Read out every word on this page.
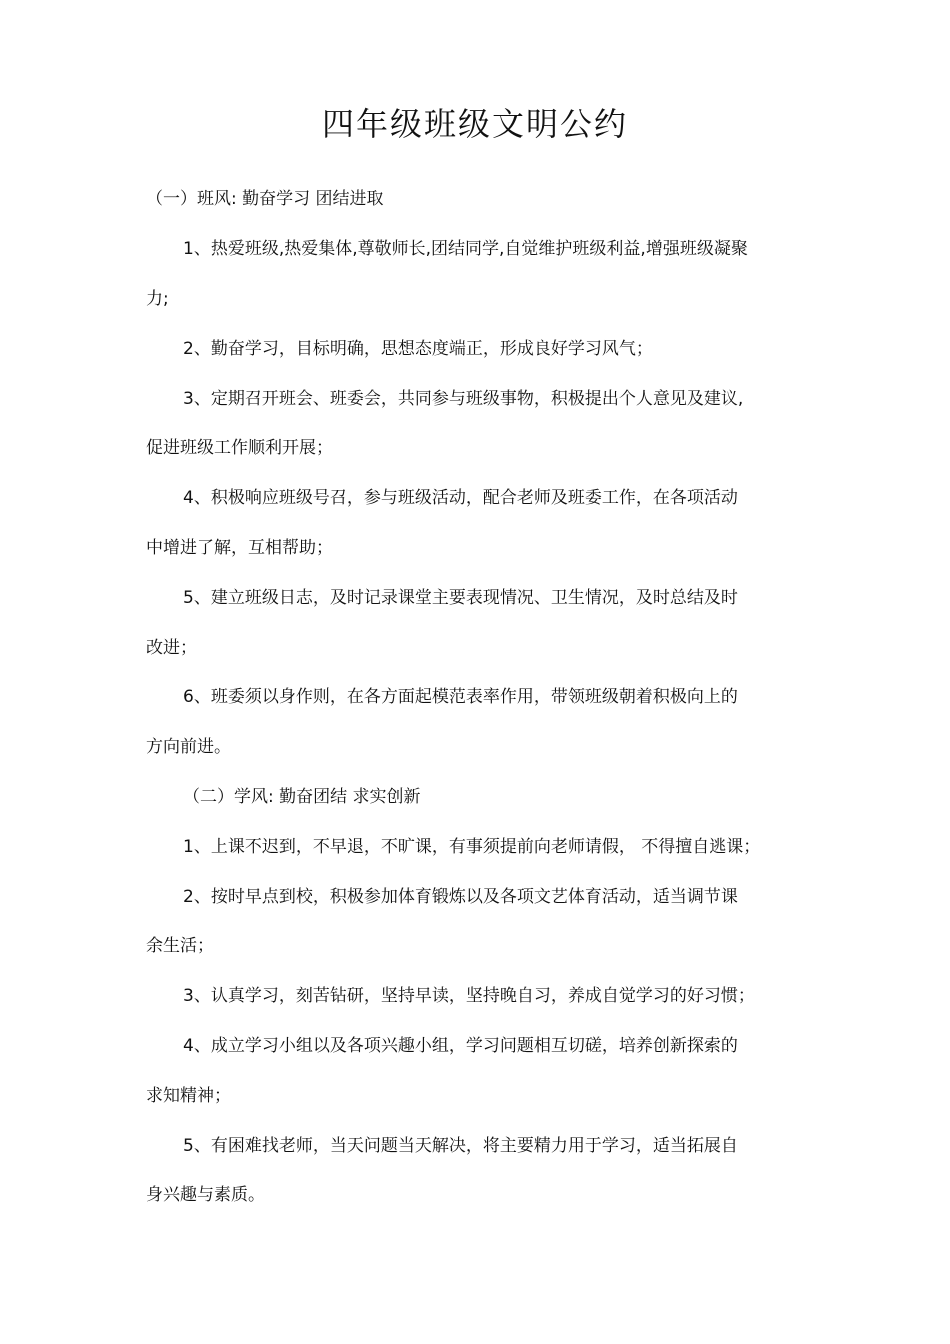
四年级班级文明公约
（一）班风: 勤奋学习 团结进取
1、热爱班级,热爱集体,尊敬师长,团结同学,自觉维护班级利益,增强班级凝聚
力;
2、勤奋学习，目标明确，思想态度端正，形成良好学习风气；
3、定期召开班会、班委会，共同参与班级事物，积极提出个人意见及建议,
促进班级工作顺利开展；
4、积极响应班级号召，参与班级活动，配合老师及班委工作，在各项活动
中增进了解，互相帮助；
5、建立班级日志，及时记录课堂主要表现情况、卫生情况，及时总结及时
改进；
6、班委须以身作则，在各方面起模范表率作用，带领班级朝着积极向上的
方向前进。
（二）学风: 勤奋团结 求实创新
1、上课不迟到，不早退，不旷课，有事须提前向老师请假， 不得擅自逃课；
2、按时早点到校，积极参加体育锻炼以及各项文艺体育活动，适当调节课
余生活；
3、认真学习，刻苦钻研，坚持早读，坚持晚自习，养成自觉学习的好习惯；
4、成立学习小组以及各项兴趣小组，学习问题相互切磋，培养创新探索的
求知精神；
5、有困难找老师，当天问题当天解决，将主要精力用于学习，适当拓展自
身兴趣与素质。
